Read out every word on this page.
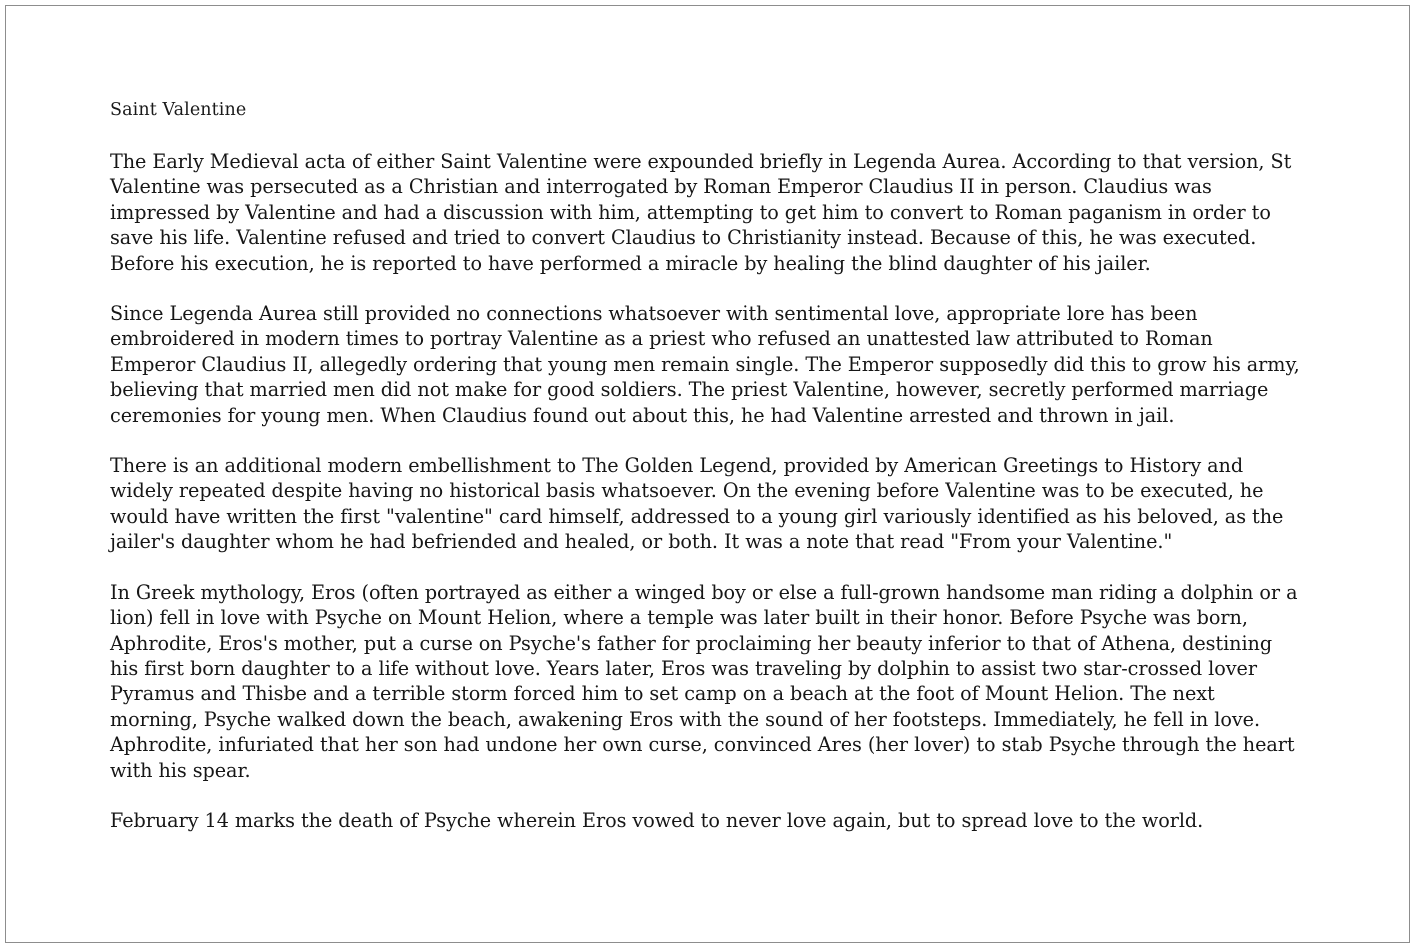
Saint Valentine

The Early Medieval acta of either Saint Valentine were expounded briefly in Legenda Aurea. According to that version, St Valentine was persecuted as a Christian and interrogated by Roman Emperor Claudius II in person. Claudius was impressed by Valentine and had a discussion with him, attempting to get him to convert to Roman paganism in order to save his life. Valentine refused and tried to convert Claudius to Christianity instead. Because of this, he was executed. Before his execution, he is reported to have performed a miracle by healing the blind daughter of his jailer.

Since Legenda Aurea still provided no connections whatsoever with sentimental love, appropriate lore has been embroidered in modern times to portray Valentine as a priest who refused an unattested law attributed to Roman Emperor Claudius II, allegedly ordering that young men remain single. The Emperor supposedly did this to grow his army, believing that married men did not make for good soldiers. The priest Valentine, however, secretly performed marriage ceremonies for young men. When Claudius found out about this, he had Valentine arrested and thrown in jail.

There is an additional modern embellishment to The Golden Legend, provided by American Greetings to History and widely repeated despite having no historical basis whatsoever. On the evening before Valentine was to be executed, he would have written the first "valentine" card himself, addressed to a young girl variously identified as his beloved, as the jailer's daughter whom he had befriended and healed, or both. It was a note that read "From your Valentine."

In Greek mythology, Eros (often portrayed as either a winged boy or else a full-grown handsome man riding a dolphin or a lion) fell in love with Psyche on Mount Helion, where a temple was later built in their honor. Before Psyche was born, Aphrodite, Eros's mother, put a curse on Psyche's father for proclaiming her beauty inferior to that of Athena, destining his first born daughter to a life without love. Years later, Eros was traveling by dolphin to assist two star-crossed lover Pyramus and Thisbe and a terrible storm forced him to set camp on a beach at the foot of Mount Helion. The next morning, Psyche walked down the beach, awakening Eros with the sound of her footsteps. Immediately, he fell in love. Aphrodite, infuriated that her son had undone her own curse, convinced Ares (her lover) to stab Psyche through the heart with his spear.

February 14 marks the death of Psyche wherein Eros vowed to never love again, but to spread love to the world.
